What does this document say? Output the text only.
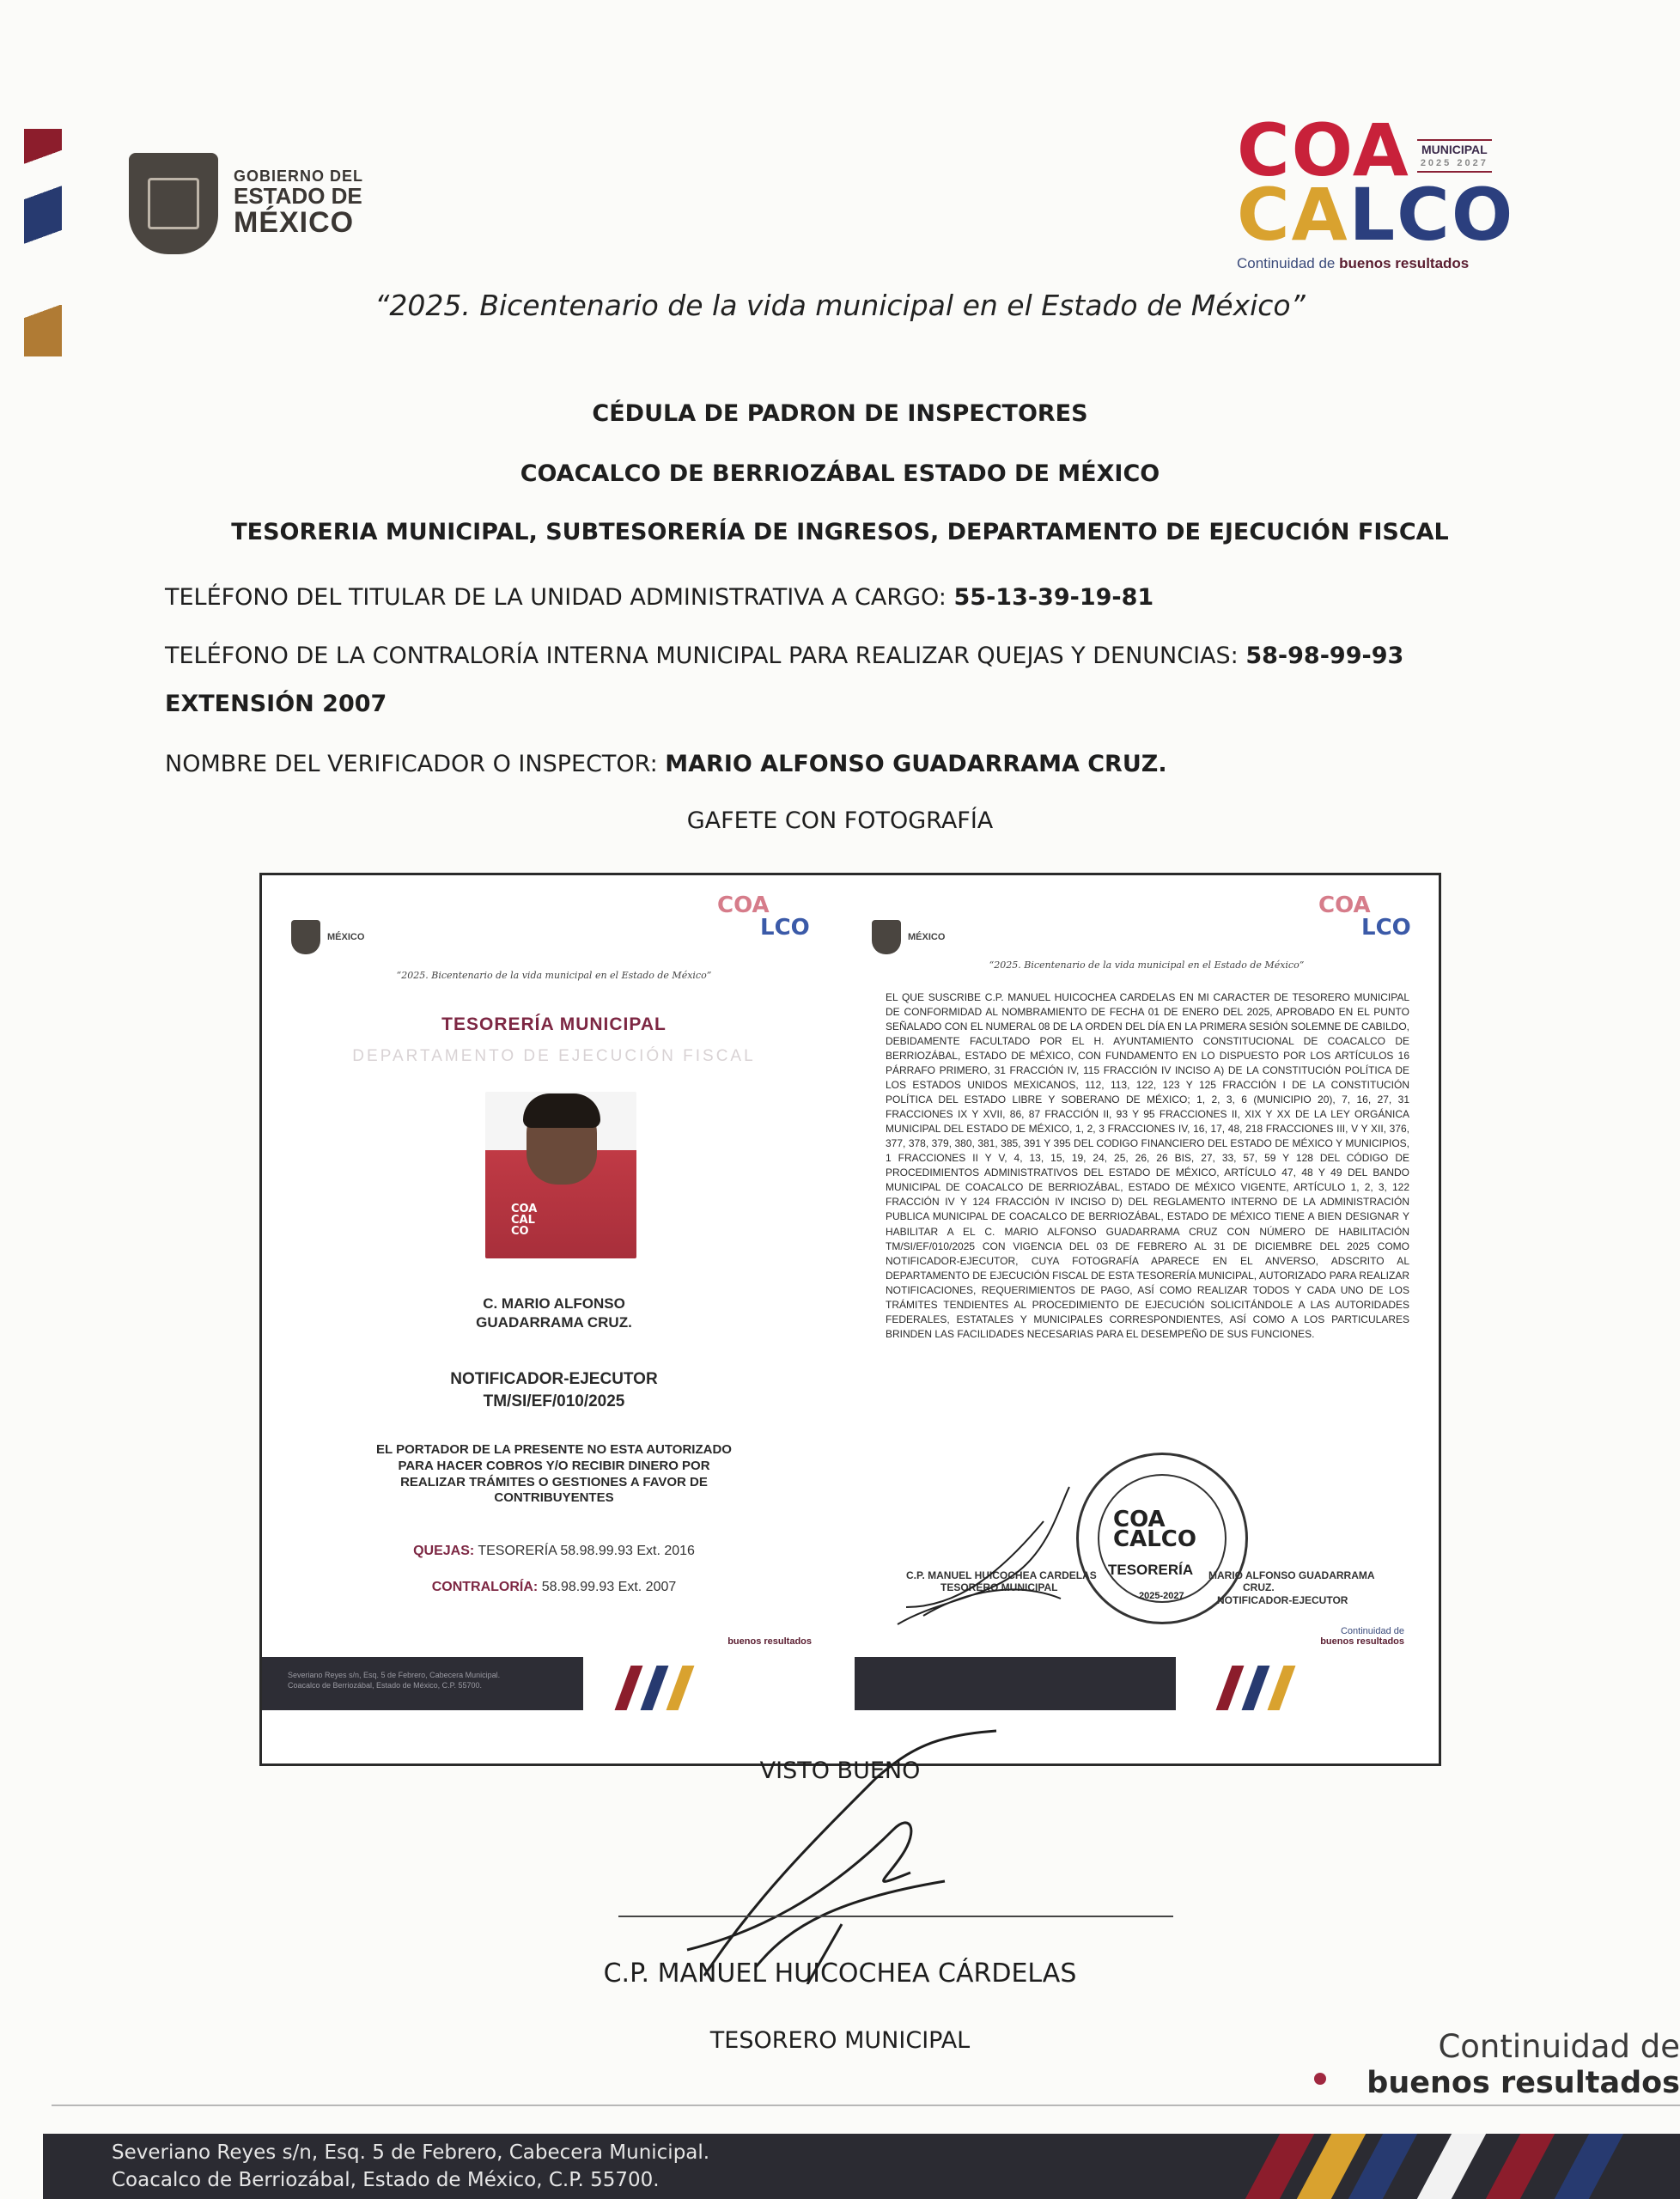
GOBIERNO DEL
ESTADO DE
MÉXICO
COA MUNICIPAL
2025 2027
CALCO
Continuidad de buenos resultados
“2025. Bicentenario de la vida municipal en el Estado de México”
CÉDULA DE PADRON DE INSPECTORES
COACALCO DE BERRIOZÁBAL ESTADO DE MÉXICO
TESORERIA MUNICIPAL, SUBTESORERÍA DE INGRESOS, DEPARTAMENTO DE EJECUCIÓN FISCAL
TELÉFONO DEL TITULAR DE LA UNIDAD ADMINISTRATIVA A CARGO: 55-13-39-19-81
TELÉFONO DE LA CONTRALORÍA INTERNA MUNICIPAL PARA REALIZAR QUEJAS Y DENUNCIAS: 58-98-99-93
EXTENSIÓN 2007
NOMBRE DEL VERIFICADOR O INSPECTOR: MARIO ALFONSO GUADARRAMA CRUZ.
GAFETE CON FOTOGRAFÍA
MÉXICO
COA
LCO
“2025. Bicentenario de la vida municipal en el Estado de México”
TESORERÍA MUNICIPAL
DEPARTAMENTO DE EJECUCIÓN FISCAL
COA CAL CO
C. MARIO ALFONSO
GUADARRAMA CRUZ.
NOTIFICADOR-EJECUTOR
TM/SI/EF/010/2025
EL PORTADOR DE LA PRESENTE NO ESTA AUTORIZADO PARA HACER COBROS Y/O RECIBIR DINERO POR REALIZAR TRÁMITES O GESTIONES A FAVOR DE CONTRIBUYENTES
QUEJAS: TESORERÍA 58.98.99.93 Ext. 2016
CONTRALORÍA: 58.98.99.93 Ext. 2007
buenos resultados
Severiano Reyes s/n, Esq. 5 de Febrero, Cabecera Municipal. Coacalco de Berriozábal, Estado de México, C.P. 55700.
MÉXICO
COA
LCO
“2025. Bicentenario de la vida municipal en el Estado de México”
EL QUE SUSCRIBE C.P. MANUEL HUICOCHEA CARDELAS EN MI CARACTER DE TESORERO MUNICIPAL DE CONFORMIDAD AL NOMBRAMIENTO DE FECHA 01 DE ENERO DEL 2025, APROBADO EN EL PUNTO SEÑALADO CON EL NUMERAL 08 DE LA ORDEN DEL DÍA EN LA PRIMERA SESIÓN SOLEMNE DE CABILDO, DEBIDAMENTE FACULTADO POR EL H. AYUNTAMIENTO CONSTITUCIONAL DE COACALCO DE BERRIOZÁBAL, ESTADO DE MÉXICO, CON FUNDAMENTO EN LO DISPUESTO POR LOS ARTÍCULOS 16 PÁRRAFO PRIMERO, 31 FRACCIÓN IV, 115 FRACCIÓN IV INCISO A) DE LA CONSTITUCIÓN POLÍTICA DE LOS ESTADOS UNIDOS MEXICANOS, 112, 113, 122, 123 Y 125 FRACCIÓN I DE LA CONSTITUCIÓN POLÍTICA DEL ESTADO LIBRE Y SOBERANO DE MÉXICO; 1, 2, 3, 6 (MUNICIPIO 20), 7, 16, 27, 31 FRACCIONES IX Y XVII, 86, 87 FRACCIÓN II, 93 Y 95 FRACCIONES II, XIX Y XX DE LA LEY ORGÁNICA MUNICIPAL DEL ESTADO DE MÉXICO, 1, 2, 3 FRACCIONES IV, 16, 17, 48, 218 FRACCIONES III, V Y XII, 376, 377, 378, 379, 380, 381, 385, 391 Y 395 DEL CODIGO FINANCIERO DEL ESTADO DE MÉXICO Y MUNICIPIOS, 1 FRACCIONES II Y V, 4, 13, 15, 19, 24, 25, 26, 26 BIS, 27, 33, 57, 59 Y 128 DEL CÓDIGO DE PROCEDIMIENTOS ADMINISTRATIVOS DEL ESTADO DE MÉXICO, ARTÍCULO 47, 48 Y 49 DEL BANDO MUNICIPAL DE COACALCO DE BERRIOZÁBAL, ESTADO DE MÉXICO VIGENTE, ARTÍCULO 1, 2, 3, 122 FRACCIÓN IV Y 124 FRACCIÓN IV INCISO D) DEL REGLAMENTO INTERNO DE LA ADMINISTRACIÓN PUBLICA MUNICIPAL DE COACALCO DE BERRIOZÁBAL, ESTADO DE MÉXICO TIENE A BIEN DESIGNAR Y HABILITAR A EL C. MARIO ALFONSO GUADARRAMA CRUZ CON NÚMERO DE HABILITACIÓN TM/SI/EF/010/2025 CON VIGENCIA DEL 03 DE FEBRERO AL 31 DE DICIEMBRE DEL 2025 COMO NOTIFICADOR-EJECUTOR, CUYA FOTOGRAFÍA APARECE EN EL ANVERSO, ADSCRITO AL DEPARTAMENTO DE EJECUCIÓN FISCAL DE ESTA TESORERÍA MUNICIPAL, AUTORIZADO PARA REALIZAR NOTIFICACIONES, REQUERIMIENTOS DE PAGO, ASÍ COMO REALIZAR TODOS Y CADA UNO DE LOS TRÁMITES TENDIENTES AL PROCEDIMIENTO DE EJECUCIÓN SOLICITÁNDOLE A LAS AUTORIDADES FEDERALES, ESTATALES Y MUNICIPALES CORRESPONDIENTES, ASÍ COMO A LOS PARTICULARES BRINDEN LAS FACILIDADES NECESARIAS PARA EL DESEMPEÑO DE SUS FUNCIONES.
COA
CALCO
TESORERÍA
2025-2027
C.P. MANUEL HUICOCHEA CARDELAS
TESORERO MUNICIPAL
MARIO ALFONSO GUADARRAMA
CRUZ.
NOTIFICADOR-EJECUTOR
Continuidad de
buenos resultados
VISTO BUENO
C.P. MANUEL HUICOCHEA CÁRDELAS
TESORERO MUNICIPAL	Continuidad de
buenos resultados
Severiano Reyes s/n, Esq. 5 de Febrero, Cabecera Municipal.
Coacalco de Berriozábal, Estado de México, C.P. 55700.
